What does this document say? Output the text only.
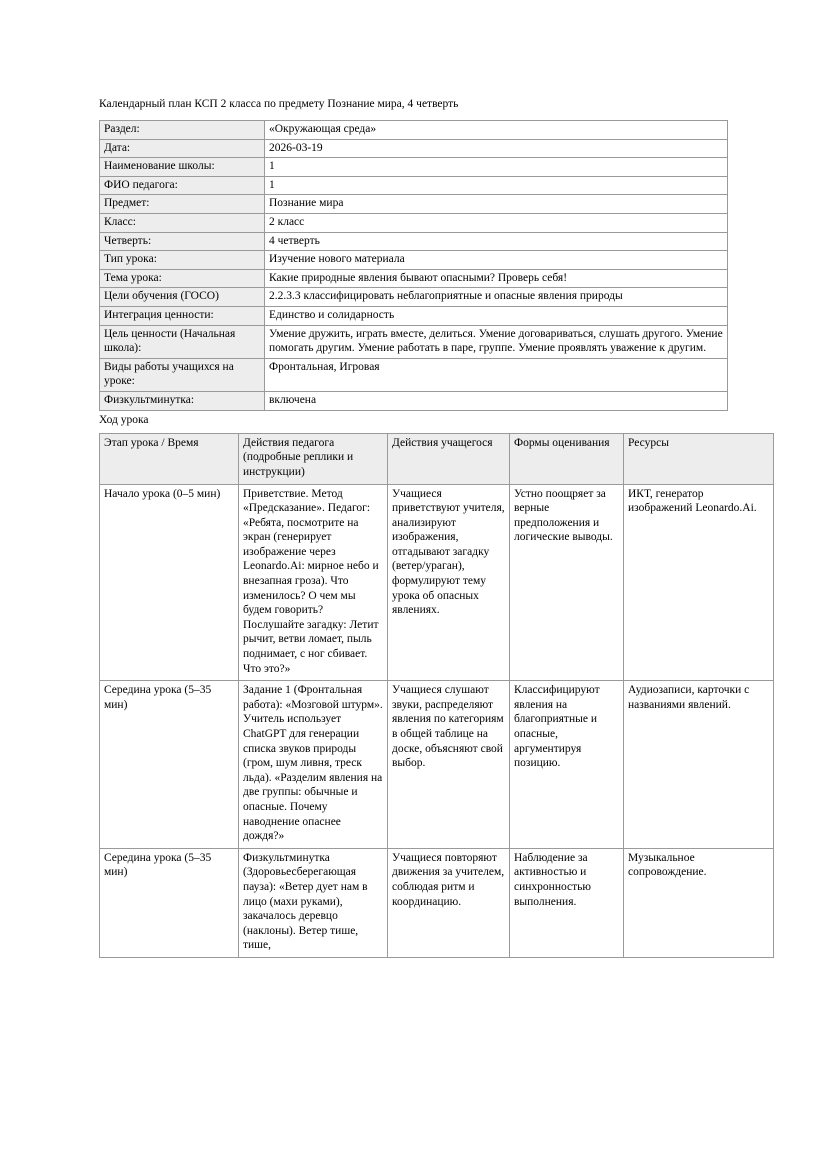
Календарный план КСП 2 класса по предмету Познание мира, 4 четверть
Раздел:	«Окружающая среда»
Дата:	2026-03-19
Наименование школы:	1
ФИО педагога:	1
Предмет:	Познание мира
Класс:	2 класс
Четверть:	4 четверть
Тип урока:	Изучение нового материала
Тема урока:	Какие природные явления бывают опасными? Проверь себя!
Цели обучения (ГОСО)	2.2.3.3 классифицировать неблагоприятные и опасные явления природы
Интеграция ценности:	Единство и солидарность
Цель ценности (Начальная школа):	Умение дружить, играть вместе, делиться. Умение договариваться, слушать другого. Умение помогать другим. Умение работать в паре, группе. Умение проявлять уважение к другим.
Виды работы учащихся на уроке:	Фронтальная, Игровая
Физкультминутка:	включена
Ход урока
Этап урока / Время	Действия педагога (подробные реплики и инструкции)	Действия учащегося	Формы оценивания	Ресурсы
Начало урока (0–5 мин)	Приветствие. Метод «Предсказание». Педагог: «Ребята, посмотрите на экран (генерирует изображение через Leonardo.Ai: мирное небо и внезапная гроза). Что изменилось? О чем мы будем говорить? Послушайте загадку: Летит рычит, ветви ломает, пыль поднимает, с ног сбивает. Что это?»	Учащиеся приветствуют учителя, анализируют изображения, отгадывают загадку (ветер/ураган), формулируют тему урока об опасных явлениях.	Устно поощряет за верные предположения и логические выводы.	ИКТ, генератор изображений Leonardo.Ai.
Середина урока (5–35 мин)	Задание 1 (Фронтальная работа): «Мозговой штурм». Учитель использует ChatGPT для генерации списка звуков природы (гром, шум ливня, треск льда). «Разделим явления на две группы: обычные и опасные. Почему наводнение опаснее дождя?»	Учащиеся слушают звуки, распределяют явления по категориям в общей таблице на доске, объясняют свой выбор.	Классифицируют явления на благоприятные и опасные, аргументируя позицию.	Аудиозаписи, карточки с названиями явлений.
Середина урока (5–35 мин)	Физкультминутка (Здоровьесберегающая пауза): «Ветер дует нам в лицо (махи руками), закачалось деревцо (наклоны). Ветер тише, тише,	Учащиеся повторяют движения за учителем, соблюдая ритм и координацию.	Наблюдение за активностью и синхронностью выполнения.	Музыкальное сопровождение.
